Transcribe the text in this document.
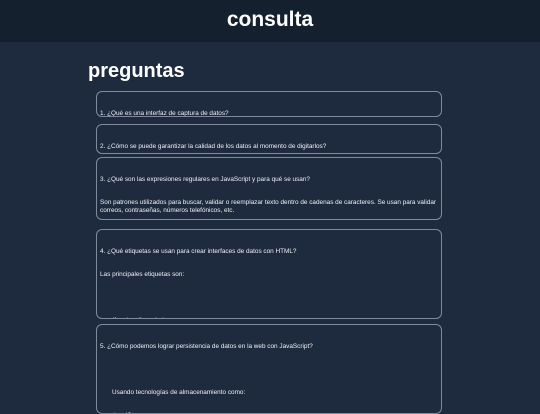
consulta
preguntas

1. ¿Qué es una interfaz de captura de datos?

2. ¿Cómo se puede garantizar la calidad de los datos al momento de digitarlos?

3. ¿Qué son las expresiones regulares en JavaScript y para qué se usan?

Son patrones utilizados para buscar, validar o reemplazar texto dentro de cadenas de caracteres. Se usan para validar correos, contraseñas, números telefónicos, etc.

4. ¿Qué etiquetas se usan para crear interfaces de datos con HTML?

Las principales etiquetas son:

5. ¿Cómo podemos lograr persistencia de datos en la web con JavaScript?

Usando tecnologías de almacenamiento como:
